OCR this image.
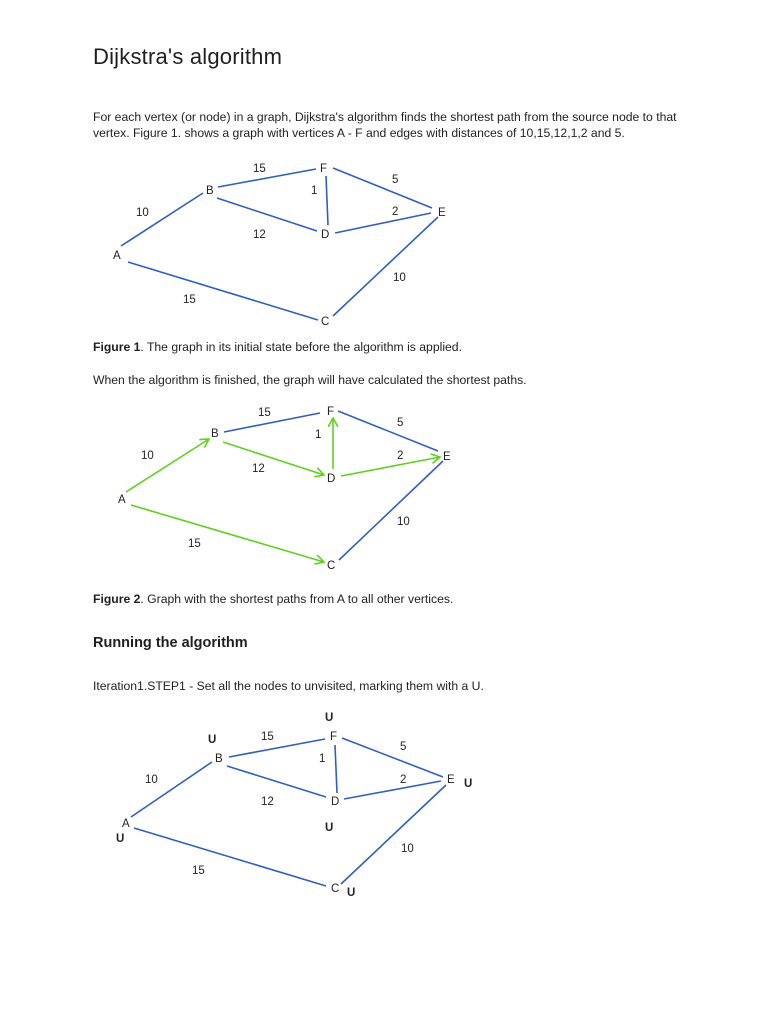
Dijkstra's algorithm

For each vertex (or node) in a graph, Dijkstra's algorithm finds the shortest path from the source node to that vertex. Figure 1. shows a graph with vertices A - F and edges with distances of 10,15,12,1,2 and 5.

A
B
F
D
E
C
10
15
15
12
1
5
2
10

Figure 1. The graph in its initial state before the algorithm is applied.

When the algorithm is finished, the graph will have calculated the shortest paths.

A
B
F
D
E
C
10
15
15
12
1
5
2
10

Figure 2. Graph with the shortest paths from A to all other vertices.

Running the algorithm

Iteration1.STEP1 - Set all the nodes to unvisited, marking them with a U.

A
B
F
D
E
C
U
U
U
U
U
U
10
15
15
12
1
5
2
10
